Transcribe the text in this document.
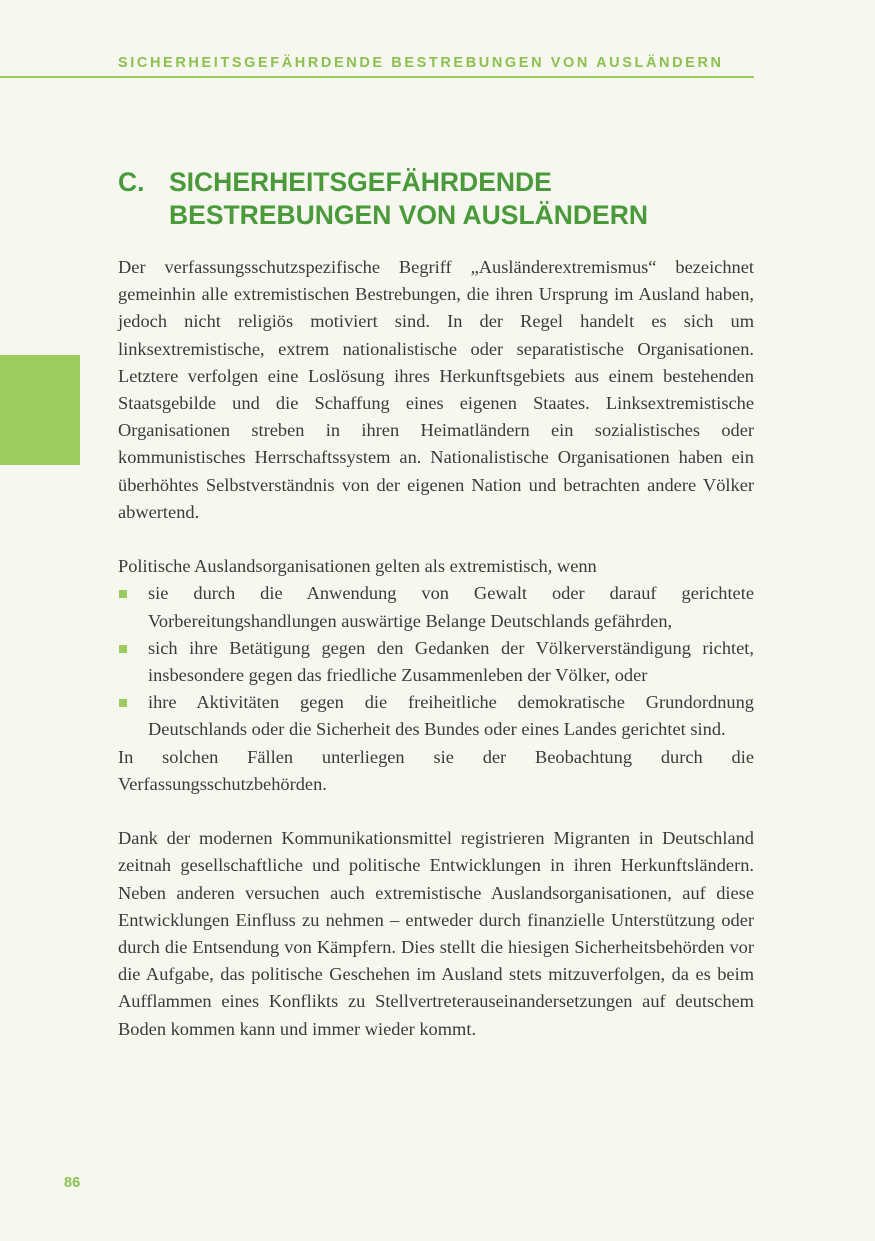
SICHERHEITSGEFÄHRDENDE BESTREBUNGEN VON AUSLÄNDERN
C. SICHERHEITSGEFÄHRDENDE
BESTREBUNGEN VON AUSLÄNDERN

Der verfassungsschutzspezifische Begriff „Ausländerextremismus“ bezeichnet gemeinhin alle extremistischen Bestrebungen, die ihren Ursprung im Ausland haben, jedoch nicht religiös motiviert sind. In der Regel handelt es sich um linksextremistische, extrem nationalistische oder separatistische Organisationen. Letztere verfolgen eine Loslösung ihres Herkunftsgebiets aus einem bestehenden Staatsgebilde und die Schaffung eines eigenen Staates. Linksextremistische Organisationen streben in ihren Heimatländern ein sozialistisches oder kommunistisches Herrschaftssystem an. Nationalistische Organisationen haben ein überhöhtes Selbstverständnis von der eigenen Nation und betrachten andere Völker abwertend.

Politische Auslandsorganisationen gelten als extremistisch, wenn

sie durch die Anwendung von Gewalt oder darauf gerichtete Vorbereitungshandlungen auswärtige Belange Deutschlands gefährden,
sich ihre Betätigung gegen den Gedanken der Völkerverständigung richtet, insbesondere gegen das friedliche Zusammenleben der Völker, oder
ihre Aktivitäten gegen die freiheitliche demokratische Grundordnung Deutschlands oder die Sicherheit des Bundes oder eines Landes gerichtet sind.

In solchen Fällen unterliegen sie der Beobachtung durch die Verfassungsschutzbehörden.

Dank der modernen Kommunikationsmittel registrieren Migranten in Deutschland zeitnah gesellschaftliche und politische Entwicklungen in ihren Herkunftsländern. Neben anderen versuchen auch extremistische Auslandsorganisationen, auf diese Entwicklungen Einfluss zu nehmen – entweder durch finanzielle Unterstützung oder durch die Entsendung von Kämpfern. Dies stellt die hiesigen Sicherheitsbehörden vor die Aufgabe, das politische Geschehen im Ausland stets mitzuverfolgen, da es beim Aufflammen eines Konflikts zu Stellvertreterauseinandersetzungen auf deutschem Boden kommen kann und immer wieder kommt.

86
